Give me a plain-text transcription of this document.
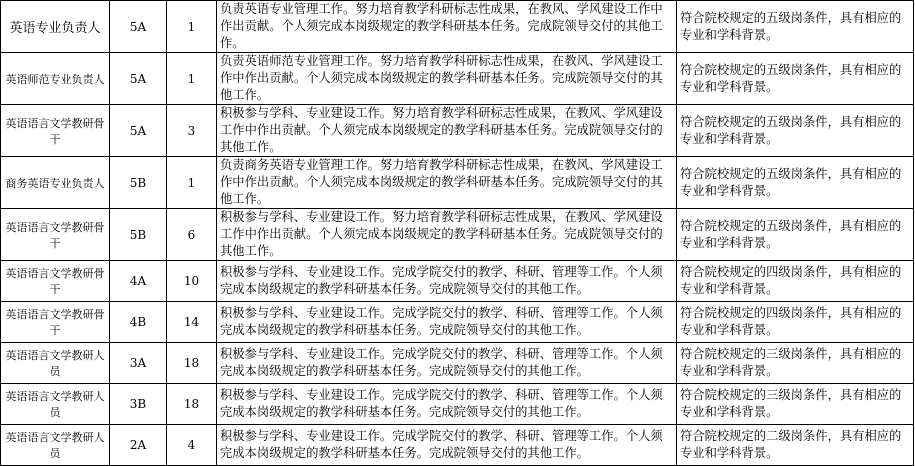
英语专业负责人	5A	1	负责英语专业管理工作。努力培育教学科研标志性成果，在教风、学风建设工作中作出贡献。个人须完成本岗级规定的教学科研基本任务。完成院领导交付的其他工作。	符合院校规定的五级岗条件，具有相应的专业和学科背景。
英语师范专业负责人	5A	1	负责英语师范专业管理工作。努力培育教学科研标志性成果，在教风、学风建设工作中作出贡献。个人须完成本岗级规定的教学科研基本任务。完成院领导交付的其他工作。	符合院校规定的五级岗条件，具有相应的专业和学科背景。
英语语言文学教研骨干	5A	3	积极参与学科、专业建设工作。努力培育教学科研标志性成果，在教风、学风建设工作中作出贡献。个人须完成本岗级规定的教学科研基本任务。完成院领导交付的其他工作。	符合院校规定的五级岗条件，具有相应的专业和学科背景。
商务英语专业负责人	5B	1	负责商务英语专业管理工作。努力培育教学科研标志性成果，在教风、学风建设工作中作出贡献。个人须完成本岗级规定的教学科研基本任务。完成院领导交付的其他工作。	符合院校规定的五级岗条件，具有相应的专业和学科背景。
英语语言文学教研骨干	5B	6	积极参与学科、专业建设工作。努力培育教学科研标志性成果，在教风、学风建设工作中作出贡献。个人须完成本岗级规定的教学科研基本任务。完成院领导交付的其他工作。	符合院校规定的五级岗条件，具有相应的专业和学科背景。
英语语言文学教研骨干	4A	10	积极参与学科、专业建设工作。完成学院交付的教学、科研、管理等工作。个人须完成本岗级规定的教学科研基本任务。完成院领导交付的其他工作。	符合院校规定的四级岗条件，具有相应的专业和学科背景。
英语语言文学教研骨干	4B	14	积极参与学科、专业建设工作。完成学院交付的教学、科研、管理等工作。个人须完成本岗级规定的教学科研基本任务。完成院领导交付的其他工作。	符合院校规定的四级岗条件，具有相应的专业和学科背景。
英语语言文学教研人员	3A	18	积极参与学科、专业建设工作。完成学院交付的教学、科研、管理等工作。个人须完成本岗级规定的教学科研基本任务。完成院领导交付的其他工作。	符合院校规定的三级岗条件，具有相应的专业和学科背景。
英语语言文学教研人员	3B	18	积极参与学科、专业建设工作。完成学院交付的教学、科研、管理等工作。个人须完成本岗级规定的教学科研基本任务。完成院领导交付的其他工作。	符合院校规定的三级岗条件，具有相应的专业和学科背景。
英语语言文学教研人员	2A	4	积极参与学科、专业建设工作。完成学院交付的教学、科研、管理等工作。个人须完成本岗级规定的教学科研基本任务。完成院领导交付的其他工作。	符合院校规定的二级岗条件，具有相应的专业和学科背景。
